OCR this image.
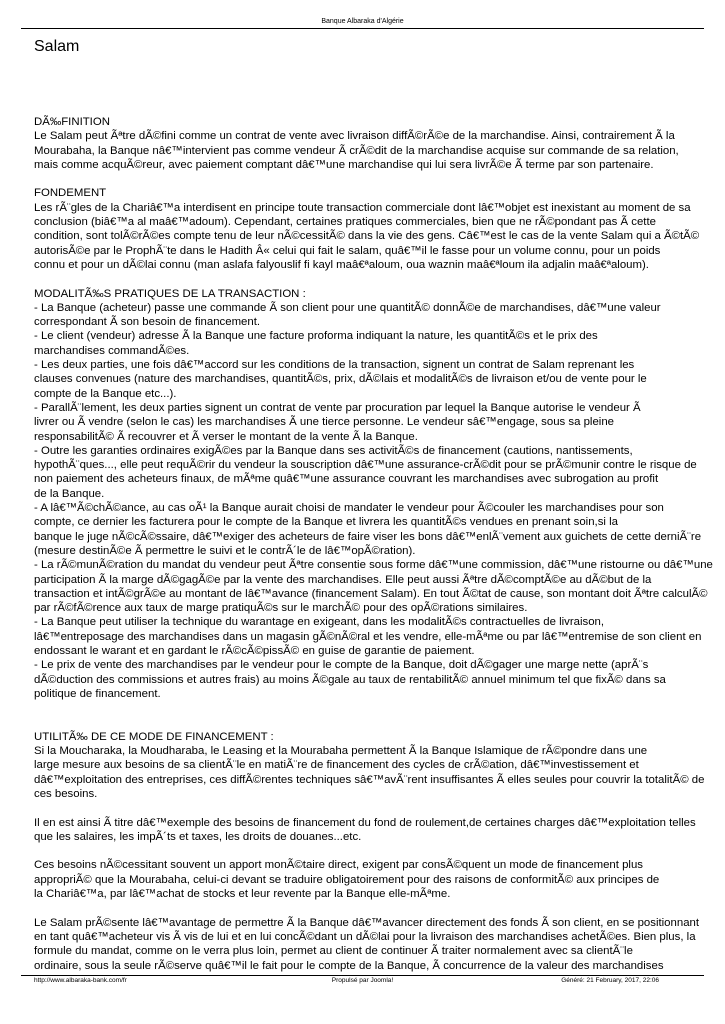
Banque Albaraka d'Algérie
Salam

DÃ‰FINITION

Le Salam peut Ãªtre dÃ©fini comme un contrat de vente avec livraison diffÃ©rÃ©e de la marchandise. Ainsi, contrairement Ã la

Mourabaha, la Banque nâ€™intervient pas comme vendeur Ã crÃ©dit de la marchandise acquise sur commande de sa relation,

mais comme acquÃ©reur, avec paiement comptant dâ€™une marchandise qui lui sera livrÃ©e Ã terme par son partenaire.

FONDEMENT

Les rÃ¨gles de la Chariâ€™a interdisent en principe toute transaction commerciale dont lâ€™objet est inexistant au moment de sa

conclusion (biâ€™a al maâ€™adoum). Cependant, certaines pratiques commerciales, bien que ne rÃ©pondant pas Ã cette

condition, sont tolÃ©rÃ©es compte tenu de leur nÃ©cessitÃ© dans la vie des gens. Câ€™est le cas de la vente Salam qui a Ã©tÃ©

autorisÃ©e par le ProphÃ¨te dans le Hadith Â« celui qui fait le salam, quâ€™il le fasse pour un volume connu, pour un poids

connu et pour un dÃ©lai connu (man aslafa falyouslif fi kayl maâ€ªaloum, oua waznin maâ€ªloum ila adjalin maâ€ªaloum).

MODALITÃ‰S PRATIQUES DE LA TRANSACTION :

- La Banque (acheteur) passe une commande Ã son client pour une quantitÃ© donnÃ©e de marchandises, dâ€™une valeur

correspondant Ã son besoin de financement.

- Le client (vendeur) adresse Ã la Banque une facture proforma indiquant la nature, les quantitÃ©s et le prix des

marchandises commandÃ©es.

- Les deux parties, une fois dâ€™accord sur les conditions de la transaction, signent un contrat de Salam reprenant les

clauses convenues (nature des marchandises, quantitÃ©s, prix, dÃ©lais et modalitÃ©s de livraison et/ou de vente pour le

compte de la Banque etc...).

- ParallÃ¨lement, les deux parties signent un contrat de vente par procuration par lequel la Banque autorise le vendeur Ã

livrer ou Ã vendre (selon le cas) les marchandises Ã une tierce personne. Le vendeur sâ€™engage, sous sa pleine

responsabilitÃ© Ã recouvrer et Ã verser le montant de la vente Ã la Banque.

- Outre les garanties ordinaires exigÃ©es par la Banque dans ses activitÃ©s de financement (cautions, nantissements,

hypothÃ¨ques..., elle peut requÃ©rir du vendeur la souscription dâ€™une assurance-crÃ©dit pour se prÃ©munir contre le risque de

non paiement des acheteurs finaux, de mÃªme quâ€™une assurance couvrant les marchandises avec subrogation au profit

de la Banque.

- A lâ€™Ã©chÃ©ance, au cas oÃ¹ la Banque aurait choisi de mandater le vendeur pour Ã©couler les marchandises pour son

compte, ce dernier les facturera pour le compte de la Banque et livrera les quantitÃ©s vendues en prenant soin,si la

banque le juge nÃ©cÃ©ssaire, dâ€™exiger des acheteurs de faire viser les bons dâ€™enlÃ¨vement aux guichets de cette derniÃ¨re

(mesure destinÃ©e Ã permettre le suivi et le contrÃ´le de lâ€™opÃ©ration).

- La rÃ©munÃ©ration du mandat du vendeur peut Ãªtre consentie sous forme dâ€™une commission, dâ€™une ristourne ou dâ€™une

participation Ã la marge dÃ©gagÃ©e par la vente des marchandises. Elle peut aussi Ãªtre dÃ©comptÃ©e au dÃ©but de la

transaction et intÃ©grÃ©e au montant de lâ€™avance (financement Salam). En tout Ã©tat de cause, son montant doit Ãªtre calculÃ©

par rÃ©fÃ©rence aux taux de marge pratiquÃ©s sur le marchÃ© pour des opÃ©rations similaires.

- La Banque peut utiliser la technique du warantage en exigeant, dans les modalitÃ©s contractuelles de livraison,

lâ€™entreposage des marchandises dans un magasin gÃ©nÃ©ral et les vendre, elle-mÃªme ou par lâ€™entremise de son client en

endossant le warant et en gardant le rÃ©cÃ©pissÃ© en guise de garantie de paiement.

- Le prix de vente des marchandises par le vendeur pour le compte de la Banque, doit dÃ©gager une marge nette (aprÃ¨s

dÃ©duction des commissions et autres frais) au moins Ã©gale au taux de rentabilitÃ© annuel minimum tel que fixÃ© dans sa

politique de financement.

UTILITÃ‰ DE CE MODE DE FINANCEMENT :

Si la Moucharaka, la Moudharaba, le Leasing et la Mourabaha permettent Ã la Banque Islamique de rÃ©pondre dans une

large mesure aux besoins de sa clientÃ¨le en matiÃ¨re de financement des cycles de crÃ©ation, dâ€™investissement et

dâ€™exploitation des entreprises, ces diffÃ©rentes techniques sâ€™avÃ¨rent insuffisantes Ã elles seules pour couvrir la totalitÃ© de

ces besoins.

Il en est ainsi Ã titre dâ€™exemple des besoins de financement du fond de roulement,de certaines charges dâ€™exploitation telles

que les salaires, les impÃ´ts et taxes, les droits de douanes...etc.

Ces besoins nÃ©cessitant souvent un apport monÃ©taire direct, exigent par consÃ©quent un mode de financement plus

appropriÃ© que la Mourabaha, celui-ci devant se traduire obligatoirement pour des raisons de conformitÃ© aux principes de

la Chariâ€™a, par lâ€™achat de stocks et leur revente par la Banque elle-mÃªme.

Le Salam prÃ©sente lâ€™avantage de permettre Ã la Banque dâ€™avancer directement des fonds Ã son client, en se positionnant

en tant quâ€™acheteur vis Ã vis de lui et en lui concÃ©dant un dÃ©lai pour la livraison des marchandises achetÃ©es. Bien plus, la

formule du mandat, comme on le verra plus loin, permet au client de continuer Ã traiter normalement avec sa clientÃ¨le

ordinaire, sous la seule rÃ©serve quâ€™il le fait pour le compte de la Banque, Ã concurrence de la valeur des marchandises

http://www.albaraka-bank.com/fr	Propulsé par Joomla!	Généré: 21 February, 2017, 22:06
